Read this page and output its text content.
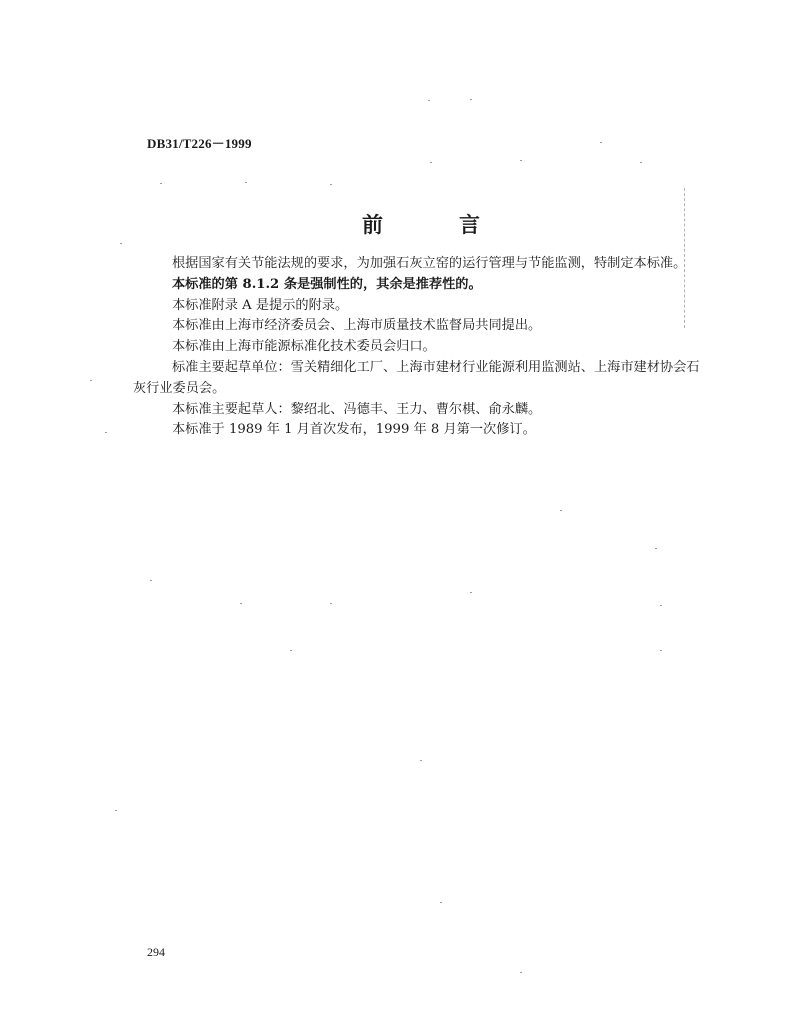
DB31/T226－1999
前	言

根据国家有关节能法规的要求，为加强石灰立窑的运行管理与节能监测，特制定本标准。

本标准的第 8.1.2 条是强制性的，其余是推荐性的。

本标准附录 A 是提示的附录。

本标准由上海市经济委员会、上海市质量技术监督局共同提出。

本标准由上海市能源标准化技术委员会归口。

标准主要起草单位：雪关精细化工厂、上海市建材行业能源利用监测站、上海市建材协会石灰行业委员会。

本标准主要起草人：黎绍北、冯德丰、王力、曹尔棋、俞永麟。

本标准于 1989 年 1 月首次发布，1999 年 8 月第一次修订。

294
